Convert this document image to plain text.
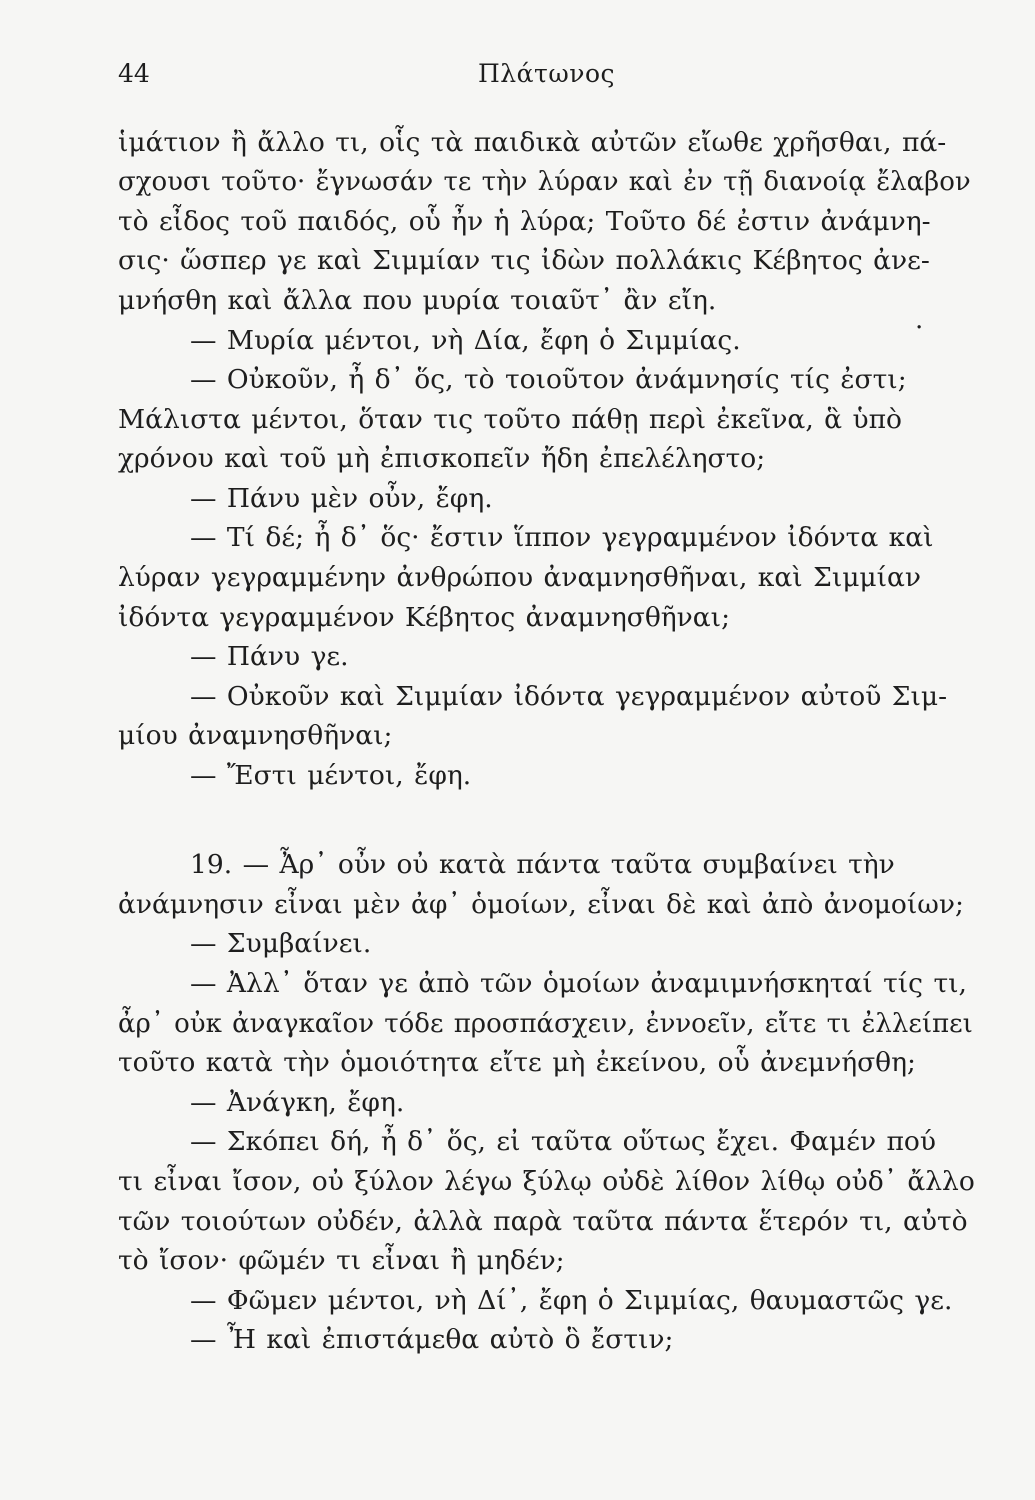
44	Πλάτωνος
ἱμάτιον ἢ ἄλλο τι, οἷς τὰ παιδικὰ αὐτῶν εἴωθε χρῆσθαι, πά-
σχουσι τοῦτο· ἔγνωσάν τε τὴν λύραν καὶ ἐν τῇ διανοίᾳ ἔλαβον
τὸ εἶδος τοῦ παιδός, οὗ ἦν ἡ λύρα; Τοῦτο δέ ἐστιν ἀνάμνη-
σις· ὥσπερ γε καὶ Σιμμίαν τις ἰδὼν πολλάκις Κέβητος ἀνε-
μνήσθη καὶ ἄλλα που μυρία τοιαῦτ᾽ ἂν εἴη.
.
— Μυρία μέντοι, νὴ Δία, ἔφη ὁ Σιμμίας.
— Οὐκοῦν, ἦ δ᾽ ὅς, τὸ τοιοῦτον ἀνάμνησίς τίς ἐστι;
Μάλιστα μέντοι, ὅταν τις τοῦτο πάθῃ περὶ ἐκεῖνα, ἃ ὑπὸ
χρόνου καὶ τοῦ μὴ ἐπισκοπεῖν ἤδη ἐπελέληστο;
— Πάνυ μὲν οὖν, ἔφη.
— Τί δέ; ἦ δ᾽ ὅς· ἔστιν ἵππον γεγραμμένον ἰδόντα καὶ
λύραν γεγραμμένην ἀνθρώπου ἀναμνησθῆναι, καὶ Σιμμίαν
ἰδόντα γεγραμμένον Κέβητος ἀναμνησθῆναι;
— Πάνυ γε.
— Οὐκοῦν καὶ Σιμμίαν ἰδόντα γεγραμμένον αὐτοῦ Σιμ-
μίου ἀναμνησθῆναι;
— Ἔστι μέντοι, ἔφη.
19. — Ἆρ᾽ οὖν οὐ κατὰ πάντα ταῦτα συμβαίνει τὴν
ἀνάμνησιν εἶναι μὲν ἀφ᾽ ὁμοίων, εἶναι δὲ καὶ ἀπὸ ἀνομοίων;
— Συμβαίνει.
— Ἀλλ᾽ ὅταν γε ἀπὸ τῶν ὁμοίων ἀναμιμνήσκηταί τίς τι,
ἆρ᾽ οὐκ ἀναγκαῖον τόδε προσπάσχειν, ἐννοεῖν, εἴτε τι ἐλλείπει
τοῦτο κατὰ τὴν ὁμοιότητα εἴτε μὴ ἐκείνου, οὗ ἀνεμνήσθη;
— Ἀνάγκη, ἔφη.
— Σκόπει δή, ἦ δ᾽ ὅς, εἰ ταῦτα οὕτως ἔχει. Φαμέν πού
τι εἶναι ἴσον, οὐ ξύλον λέγω ξύλῳ οὐδὲ λίθον λίθῳ οὐδ᾽ ἄλλο
τῶν τοιούτων οὐδέν, ἀλλὰ παρὰ ταῦτα πάντα ἕτερόν τι, αὐτὸ
τὸ ἴσον· φῶμέν τι εἶναι ἢ μηδέν;
— Φῶμεν μέντοι, νὴ Δί᾽, ἔφη ὁ Σιμμίας, θαυμαστῶς γε.
— Ἦ καὶ ἐπιστάμεθα αὐτὸ ὃ ἔστιν;
